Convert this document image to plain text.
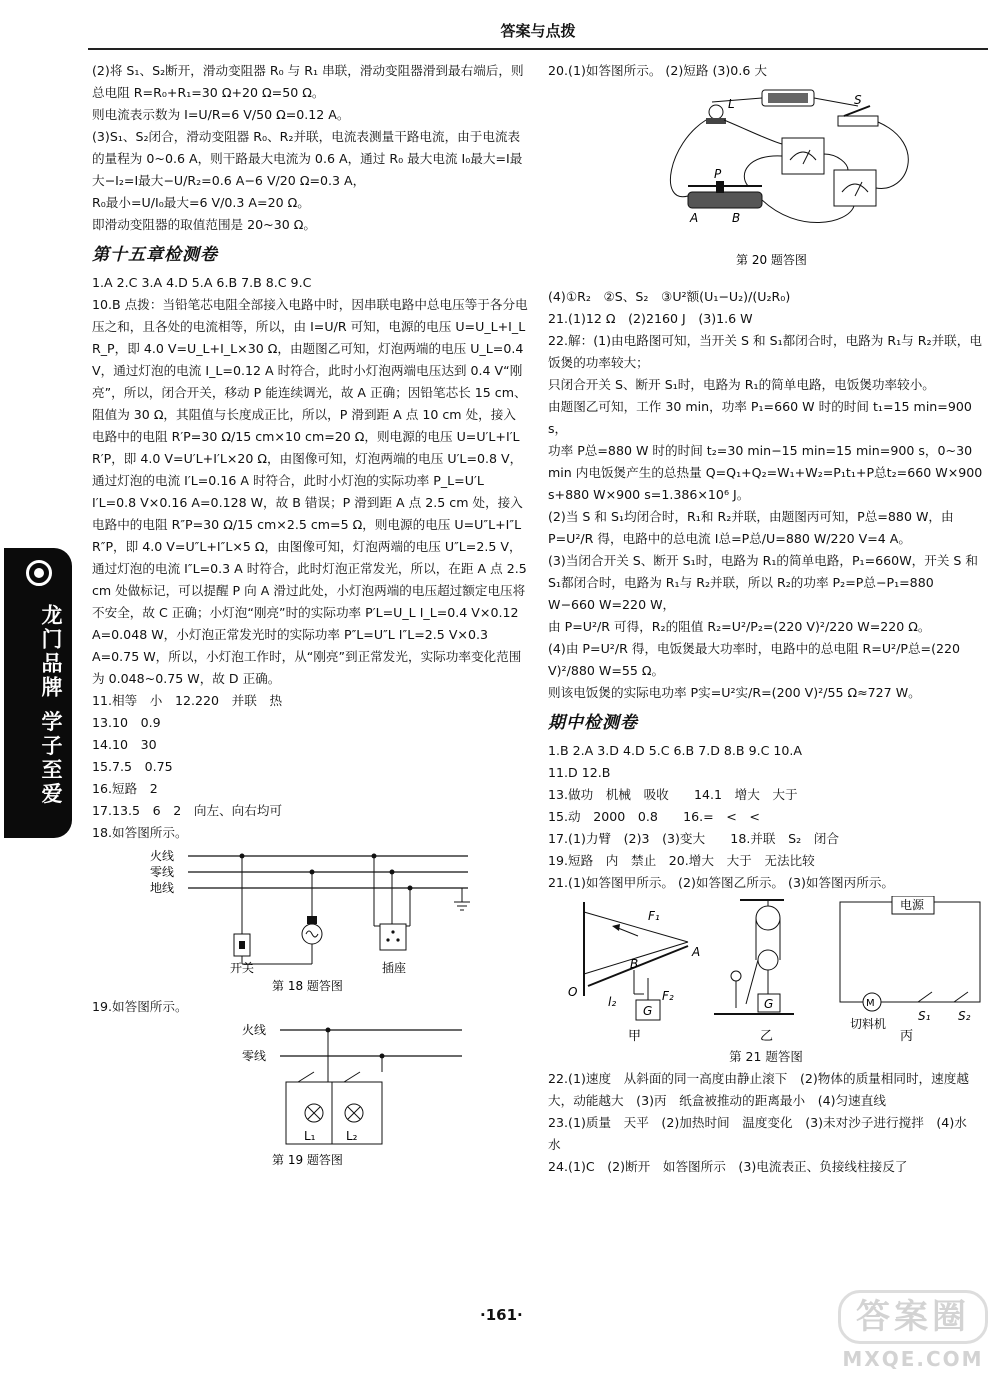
答案与点拨
龙门品牌 学子至爱

(2)将 S₁、S₂断开，滑动变阻器 R₀ 与 R₁ 串联，滑动变阻器滑到最右端后，则总电阻 R=R₀+R₁=30 Ω+20 Ω=50 Ω。

则电流表示数为 I=U/R=6 V/50 Ω=0.12 A。

(3)S₁、S₂闭合，滑动变阻器 R₀、R₂并联，电流表测量干路电流，由于电流表的量程为 0~0.6 A，则干路最大电流为 0.6 A，通过 R₀ 最大电流 I₀最大=I最大−I₂=I最大−U/R₂=0.6 A−6 V/20 Ω=0.3 A，

R₀最小=U/I₀最大=6 V/0.3 A=20 Ω。

即滑动变阻器的取值范围是 20~30 Ω。

第十五章检测卷

1.A 2.C 3.A 4.D 5.A 6.B 7.B 8.C 9.C

10.B 点拨：当铅笔芯电阻全部接入电路中时，因串联电路中总电压等于各分电压之和，且各处的电流相等，所以，由 I=U/R 可知，电源的电压 U=U_L+I_L R_P，即 4.0 V=U_L+I_L×30 Ω，由题图乙可知，灯泡两端的电压 U_L=0.4 V，通过灯泡的电流 I_L=0.12 A 时符合，此时小灯泡两端电压达到 0.4 V“刚亮”，所以，闭合开关，移动 P 能连续调光，故 A 正确；因铅笔芯长 15 cm、阻值为 30 Ω，其阻值与长度成正比，所以，P 滑到距 A 点 10 cm 处，接入电路中的电阻 R′P=30 Ω/15 cm×10 cm=20 Ω，则电源的电压 U=U′L+I′L R′P，即 4.0 V=U′L+I′L×20 Ω，由图像可知，灯泡两端的电压 U′L=0.8 V，通过灯泡的电流 I′L=0.16 A 时符合，此时小灯泡的实际功率 P_L=U′L I′L=0.8 V×0.16 A=0.128 W，故 B 错误；P 滑到距 A 点 2.5 cm 处，接入电路中的电阻 R″P=30 Ω/15 cm×2.5 cm=5 Ω，则电源的电压 U=U″L+I″L R″P，即 4.0 V=U″L+I″L×5 Ω，由图像可知，灯泡两端的电压 U″L=2.5 V，通过灯泡的电流 I″L=0.3 A 时符合，此时灯泡正常发光，所以，在距 A 点 2.5 cm 处做标记，可以提醒 P 向 A 滑过此处，小灯泡两端的电压超过额定电压将不安全，故 C 正确；小灯泡“刚亮”时的实际功率 P′L=U_L I_L=0.4 V×0.12 A=0.048 W，小灯泡正常发光时的实际功率 P″L=U″L I″L=2.5 V×0.3 A=0.75 W，所以，小灯泡工作时，从“刚亮”到正常发光，实际功率变化范围为 0.048~0.75 W，故 D 正确。

11.相等　小　12.220　并联　热

13.10　0.9

14.10　30

15.7.5　0.75

16.短路　2

17.13.5　6　2　向左、向右均可

18.如答图所示。

火线
零线
地线
开关	插座
第 18 题答图

19.如答图所示。

火线
零线
L₁	L₂
第 19 题答图

20.(1)如答图所示。 (2)短路 (3)0.6 大

L	S
P
A	B
第 20 题答图

(4)①R₂　②S、S₂　③U²额(U₁−U₂)/(U₂R₀)

21.(1)12 Ω　(2)2160 J　(3)1.6 W

22.解：(1)由电路图可知，当开关 S 和 S₁都闭合时，电路为 R₁与 R₂并联，电饭煲的功率较大；

只闭合开关 S、断开 S₁时，电路为 R₁的简单电路，电饭煲功率较小。

由题图乙可知，工作 30 min，功率 P₁=660 W 时的时间 t₁=15 min=900 s，

功率 P总=880 W 时的时间 t₂=30 min−15 min=15 min=900 s，0~30 min 内电饭煲产生的总热量 Q=Q₁+Q₂=W₁+W₂=P₁t₁+P总t₂=660 W×900 s+880 W×900 s=1.386×10⁶ J。

(2)当 S 和 S₁均闭合时，R₁和 R₂并联，由题图丙可知，P总=880 W，由 P=U²/R 得，电路中的总电流 I总=P总/U=880 W/220 V=4 A。

(3)当闭合开关 S、断开 S₁时，电路为 R₁的简单电路，P₁=660W，开关 S 和 S₁都闭合时，电路为 R₁与 R₂并联，所以 R₂的功率 P₂=P总−P₁=880 W−660 W=220 W，

由 P=U²/R 可得，R₂的阻值 R₂=U²/P₂=(220 V)²/220 W=220 Ω。

(4)由 P=U²/R 得，电饭煲最大功率时，电路中的总电阻 R=U²/P总=(220 V)²/880 W=55 Ω。

则该电饭煲的实际电功率 P实=U²实/R=(200 V)²/55 Ω≈727 W。

期中检测卷

1.B 2.A 3.D 4.D 5.C 6.B 7.D 8.B 9.C 10.A

11.D 12.B

13.做功　机械　吸收　　14.1　增大　大于

15.动　2000　0.8　　16.=　<　<

17.(1)力臂　(2)3　(3)变大　　18.并联　S₂　闭合

19.短路　内　禁止　20.增大　大于　无法比较

21.(1)如答图甲所示。 (2)如答图乙所示。 (3)如答图丙所示。

F₁
B
A
O
l₂
G
F₂
甲
G
乙
电源
M
切料机
S₁ S₂
丙

第 21 题答图

22.(1)速度　从斜面的同一高度由静止滚下　(2)物体的质量相同时，速度越大，动能越大　(3)丙　纸盒被推动的距离最小　(4)匀速直线

23.(1)质量　天平　(2)加热时间　温度变化　(3)未对沙子进行搅拌　(4)水　水

24.(1)C　(2)断开　如答图所示　(3)电流表正、负接线柱接反了

·161·	答案圈
MXQE.COM
